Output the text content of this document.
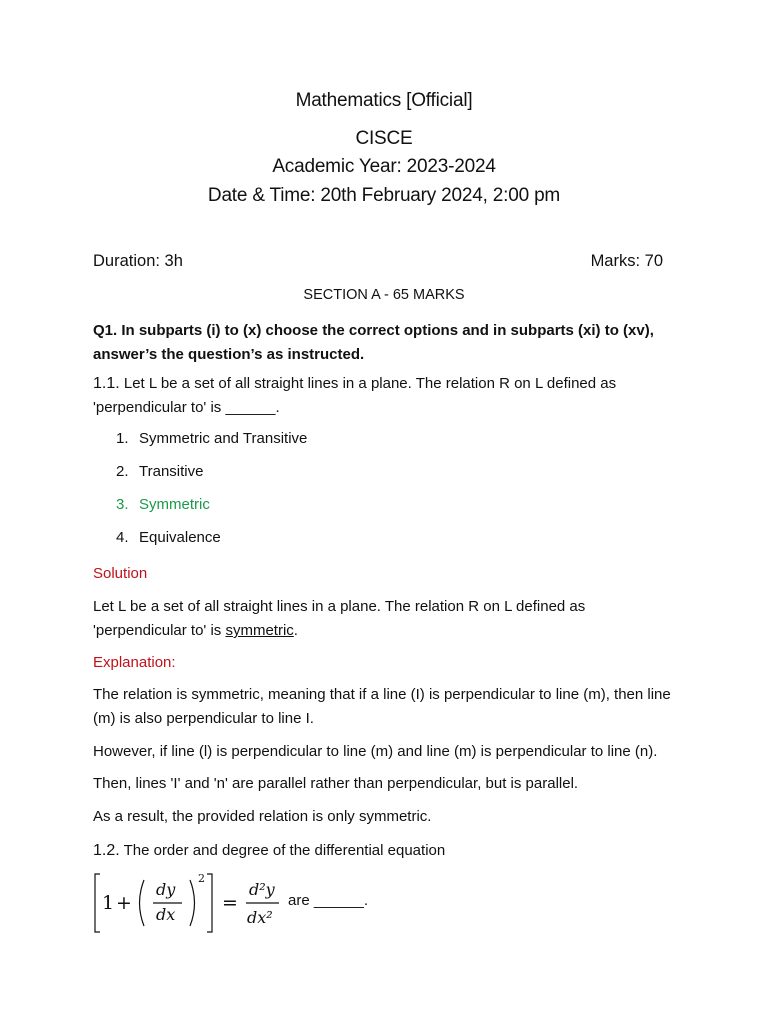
Mathematics [Official]
CISCE
Academic Year: 2023-2024
Date & Time: 20th February 2024, 2:00 pm
Duration: 3h	Marks: 70
SECTION A - 65 MARKS
Q1. In subparts (i) to (x) choose the correct options and in subparts (xi) to (xv), answer’s the question’s as instructed.
1.1. Let L be a set of all straight lines in a plane. The relation R on L defined as 'perpendicular to' is ______.
1. Symmetric and Transitive
2. Transitive
3. Symmetric
4. Equivalence
Solution
Let L be a set of all straight lines in a plane. The relation R on L defined as 'perpendicular to' is symmetric.
Explanation:
The relation is symmetric, meaning that if a line (I) is perpendicular to line (m), then line (m) is also perpendicular to line I.
However, if line (l) is perpendicular to line (m) and line (m) is perpendicular to line (n).
Then, lines 'I' and 'n' are parallel rather than perpendicular, but is parallel.
As a result, the provided relation is only symmetric.
1.2. The order and degree of the differential equation
1 +
dy
dx
2
=
d²y
dx²
are ______.
